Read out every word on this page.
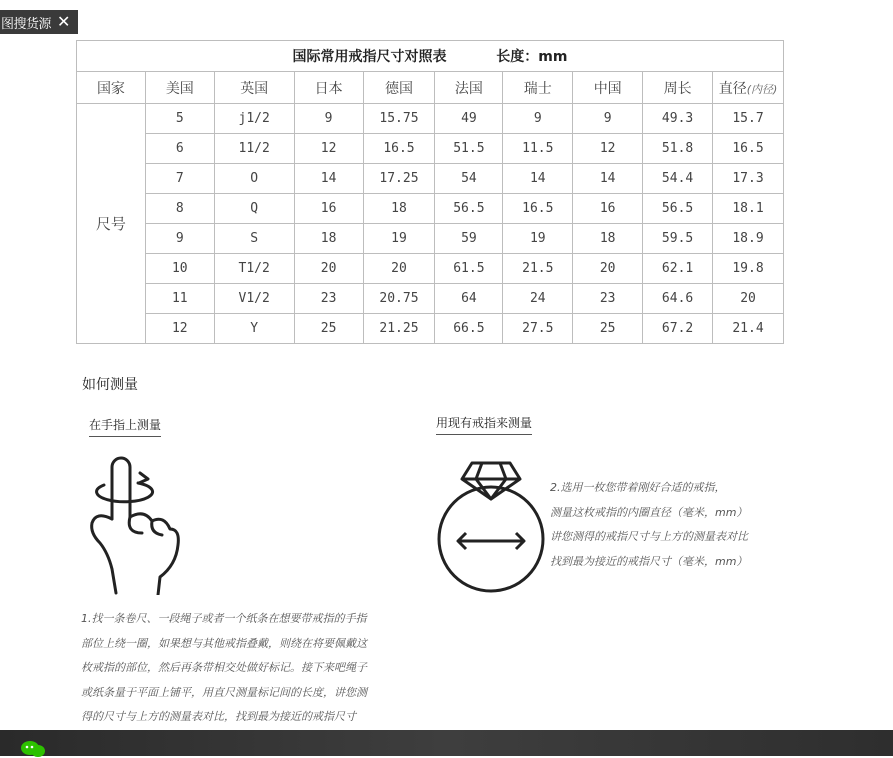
图搜货源 ✕
国际常用戒指尺寸对照表 长度：mm									
国家	美国	英国	日本	德国	法国	瑞士	中国	周长	直径(内径)
尺号	5	j1/2	9	15.75	49	9	9	49.3	15.7
	6	11/2	12	16.5	51.5	11.5	12	51.8	16.5
	7	O	14	17.25	54	14	14	54.4	17.3
	8	Q	16	18	56.5	16.5	16	56.5	18.1
	9	S	18	19	59	19	18	59.5	18.9
	10	T1/2	20	20	61.5	21.5	20	62.1	19.8
	11	V1/2	23	20.75	64	24	23	64.6	20
	12	Y	25	21.25	66.5	27.5	25	67.2	21.4
如何测量
在手指上测量	用现有戒指来测量
1.找一条卷尺、一段绳子或者一个纸条在想要带戒指的手指
部位上绕一圈，如果想与其他戒指叠戴，则绕在将要佩戴这
枚戒指的部位，然后再条带相交处做好标记。接下来吧绳子
或纸条量于平面上铺平，用直尺测量标记间的长度，讲您测
得的尺寸与上方的测量表对比，找到最为接近的戒指尺寸
2.选用一枚您带着刚好合适的戒指，
测量这枚戒指的内圈直径（毫米，mm）
讲您测得的戒指尺寸与上方的测量表对比
找到最为接近的戒指尺寸（毫米，mm）
